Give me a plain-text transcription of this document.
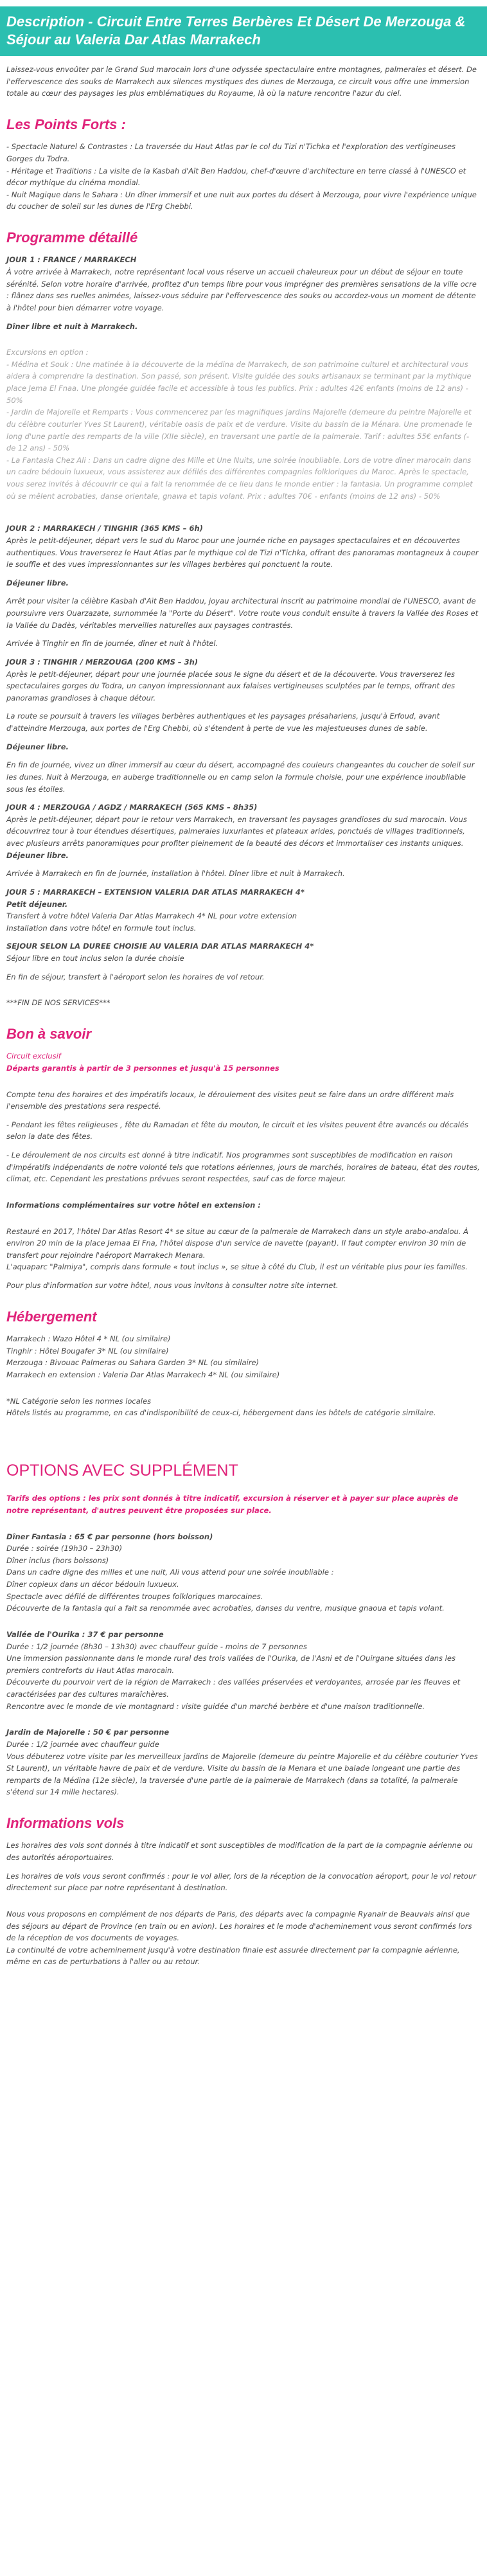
Description - Circuit Entre Terres Berbères Et Désert De Merzouga & Séjour au Valeria Dar Atlas Marrakech

Laissez-vous envoûter par le Grand Sud marocain lors d'une odyssée spectaculaire entre montagnes, palmeraies et désert. De l'effervescence des souks de Marrakech aux silences mystiques des dunes de Merzouga, ce circuit vous offre une immersion totale au cœur des paysages les plus emblématiques du Royaume, là où la nature rencontre l'azur du ciel.

Les Points Forts :

- Spectacle Naturel & Contrastes : La traversée du Haut Atlas par le col du Tizi n'Tichka et l'exploration des vertigineuses Gorges du Todra.

- Héritage et Traditions : La visite de la Kasbah d'Aït Ben Haddou, chef-d'œuvre d'architecture en terre classé à l'UNESCO et décor mythique du cinéma mondial.

- Nuit Magique dans le Sahara : Un dîner immersif et une nuit aux portes du désert à Merzouga, pour vivre l'expérience unique du coucher de soleil sur les dunes de l'Erg Chebbi.

Programme détaillé
JOUR 1 : FRANCE / MARRAKECH

À votre arrivée à Marrakech, notre représentant local vous réserve un accueil chaleureux pour un début de séjour en toute sérénité. Selon votre horaire d'arrivée, profitez d'un temps libre pour vous imprégner des premières sensations de la ville ocre : flânez dans ses ruelles animées, laissez-vous séduire par l'effervescence des souks ou accordez-vous un moment de détente à l'hôtel pour bien démarrer votre voyage.

Dîner libre et nuit à Marrakech.

Excursions en option :

- Médina et Souk : Une matinée à la découverte de la médina de Marrakech, de son patrimoine culturel et architectural vous aidera à comprendre la destination. Son passé, son présent. Visite guidée des souks artisanaux se terminant par la mythique place Jema El Fnaa. Une plongée guidée facile et accessible à tous les publics. Prix : adultes 42€ enfants (moins de 12 ans) - 50%
- Jardin de Majorelle et Remparts : Vous commencerez par les magnifiques jardins Majorelle (demeure du peintre Majorelle et du célèbre couturier Yves St Laurent), véritable oasis de paix et de verdure. Visite du bassin de la Ménara. Une promenade le long d'une partie des remparts de la ville (XIIe siècle), en traversant une partie de la palmeraie. Tarif : adultes 55€ enfants (- de 12 ans) - 50%
- La Fantasia Chez Ali : Dans un cadre digne des Mille et Une Nuits, une soirée inoubliable. Lors de votre dîner marocain dans un cadre bédouin luxueux, vous assisterez aux défilés des différentes compagnies folkloriques du Maroc. Après le spectacle, vous serez invités à découvrir ce qui a fait la renommée de ce lieu dans le monde entier : la fantasia. Un programme complet où se mêlent acrobaties, danse orientale, gnawa et tapis volant. Prix : adultes 70€ - enfants (moins de 12 ans) - 50%

JOUR 2 : MARRAKECH / TINGHIR (365 KMS – 6h)

Après le petit-déjeuner, départ vers le sud du Maroc pour une journée riche en paysages spectaculaires et en découvertes authentiques. Vous traverserez le Haut Atlas par le mythique col de Tizi n'Tichka, offrant des panoramas montagneux à couper le souffle et des vues impressionnantes sur les villages berbères qui ponctuent la route.

Déjeuner libre.

Arrêt pour visiter la célèbre Kasbah d'Aït Ben Haddou, joyau architectural inscrit au patrimoine mondial de l'UNESCO, avant de poursuivre vers Ouarzazate, surnommée la "Porte du Désert". Votre route vous conduit ensuite à travers la Vallée des Roses et la Vallée du Dadès, véritables merveilles naturelles aux paysages contrastés.

Arrivée à Tinghir en fin de journée, dîner et nuit à l'hôtel.

JOUR 3 : TINGHIR / MERZOUGA (200 KMS – 3h)

Après le petit-déjeuner, départ pour une journée placée sous le signe du désert et de la découverte. Vous traverserez les spectaculaires gorges du Todra, un canyon impressionnant aux falaises vertigineuses sculptées par le temps, offrant des panoramas grandioses à chaque détour.

La route se poursuit à travers les villages berbères authentiques et les paysages présahariens, jusqu'à Erfoud, avant d'atteindre Merzouga, aux portes de l'Erg Chebbi, où s'étendent à perte de vue les majestueuses dunes de sable.

Déjeuner libre.

En fin de journée, vivez un dîner immersif au cœur du désert, accompagné des couleurs changeantes du coucher de soleil sur les dunes. Nuit à Merzouga, en auberge traditionnelle ou en camp selon la formule choisie, pour une expérience inoubliable sous les étoiles.

JOUR 4 : MERZOUGA / AGDZ / MARRAKECH (565 KMS – 8h35)

Après le petit-déjeuner, départ pour le retour vers Marrakech, en traversant les paysages grandioses du sud marocain. Vous découvrirez tour à tour étendues désertiques, palmeraies luxuriantes et plateaux arides, ponctués de villages traditionnels, avec plusieurs arrêts panoramiques pour profiter pleinement de la beauté des décors et immortaliser ces instants uniques.

Déjeuner libre.

Arrivée à Marrakech en fin de journée, installation à l'hôtel. Dîner libre et nuit à Marrakech.

JOUR 5 : MARRAKECH – EXTENSION VALERIA DAR ATLAS MARRAKECH 4*
Petit déjeuner.

Transfert à votre hôtel Valeria Dar Atlas Marrakech 4* NL pour votre extension
Installation dans votre hôtel en formule tout inclus.

SEJOUR SELON LA DUREE CHOISIE AU VALERIA DAR ATLAS MARRAKECH 4*

Séjour libre en tout inclus selon la durée choisie

En fin de séjour, transfert à l'aéroport selon les horaires de vol retour.

***FIN DE NOS SERVICES***

Bon à savoir
Circuit exclusif

Départs garantis à partir de 3 personnes et jusqu'à 15 personnes

Compte tenu des horaires et des impératifs locaux, le déroulement des visites peut se faire dans un ordre différent mais l'ensemble des prestations sera respecté.

- Pendant les fêtes religieuses , fête du Ramadan et fête du mouton, le circuit et les visites peuvent être avancés ou décalés selon la date des fêtes.

- Le déroulement de nos circuits est donné à titre indicatif. Nos programmes sont susceptibles de modification en raison d'impératifs indépendants de notre volonté tels que rotations aériennes, jours de marchés, horaires de bateau, état des routes, climat, etc. Cependant les prestations prévues seront respectées, sauf cas de force majeur.

Informations complémentaires sur votre hôtel en extension :

Restauré en 2017, l'hôtel Dar Atlas Resort 4* se situe au cœur de la palmeraie de Marrakech dans un style arabo-andalou. À environ 20 min de la place Jemaa El Fna, l'hôtel dispose d'un service de navette (payant). Il faut compter environ 30 min de transfert pour rejoindre l'aéroport Marrakech Menara.
L'aquaparc "Palmiya", compris dans formule « tout inclus », se situe à côté du Club, il est un véritable plus pour les familles.

Pour plus d'information sur votre hôtel, nous vous invitons à consulter notre site internet.

Hébergement

Marrakech : Wazo Hôtel 4 * NL (ou similaire)

Tinghir : Hôtel Bougafer 3* NL (ou similaire)

Merzouga : Bivouac Palmeras ou Sahara Garden 3* NL (ou similaire)

Marrakech en extension : Valeria Dar Atlas Marrakech 4* NL (ou similaire)

*NL Catégorie selon les normes locales

Hôtels listés au programme, en cas d'indisponibilité de ceux-ci, hébergement dans les hôtels de catégorie similaire.

OPTIONS AVEC SUPPLÉMENT

Tarifs des options : les prix sont donnés à titre indicatif, excursion à réserver et à payer sur place auprès de notre représentant, d'autres peuvent être proposées sur place.

Dîner Fantasia : 65 € par personne (hors boisson)

Durée : soirée (19h30 – 23h30)

Dîner inclus (hors boissons)

Dans un cadre digne des milles et une nuit, Ali vous attend pour une soirée inoubliable :

Dîner copieux dans un décor bédouin luxueux.

Spectacle avec défilé de différentes troupes folkloriques marocaines.

Découverte de la fantasia qui a fait sa renommée avec acrobaties, danses du ventre, musique gnaoua et tapis volant.

Vallée de l'Ourika : 37 € par personne

Durée : 1/2 journée (8h30 – 13h30) avec chauffeur guide - moins de 7 personnes

Une immersion passionnante dans le monde rural des trois vallées de l'Ourika, de l'Asni et de l'Ouirgane situées dans les premiers contreforts du Haut Atlas marocain.

Découverte du pourvoir vert de la région de Marrakech : des vallées préservées et verdoyantes, arrosée par les fleuves et caractérisées par des cultures maraîchères.

Rencontre avec le monde de vie montagnard : visite guidée d'un marché berbère et d'une maison traditionnelle.

Jardin de Majorelle : 50 € par personne

Durée : 1/2 journée avec chauffeur guide

Vous débuterez votre visite par les merveilleux jardins de Majorelle (demeure du peintre Majorelle et du célèbre couturier Yves St Laurent), un véritable havre de paix et de verdure. Visite du bassin de la Menara et une balade longeant une partie des remparts de la Médina (12e siècle), la traversée d'une partie de la palmeraie de Marrakech (dans sa totalité, la palmeraie s'étend sur 14 mille hectares).

Informations vols

Les horaires des vols sont donnés à titre indicatif et sont susceptibles de modification de la part de la compagnie aérienne ou des autorités aéroportuaires.

Les horaires de vols vous seront confirmés : pour le vol aller, lors de la réception de la convocation aéroport, pour le vol retour directement sur place par notre représentant à destination.

Nous vous proposons en complément de nos départs de Paris, des départs avec la compagnie Ryanair de Beauvais ainsi que des séjours au départ de Province (en train ou en avion). Les horaires et le mode d'acheminement vous seront confirmés lors de la réception de vos documents de voyages.
La continuité de votre acheminement jusqu'à votre destination finale est assurée directement par la compagnie aérienne, même en cas de perturbations à l'aller ou au retour.
